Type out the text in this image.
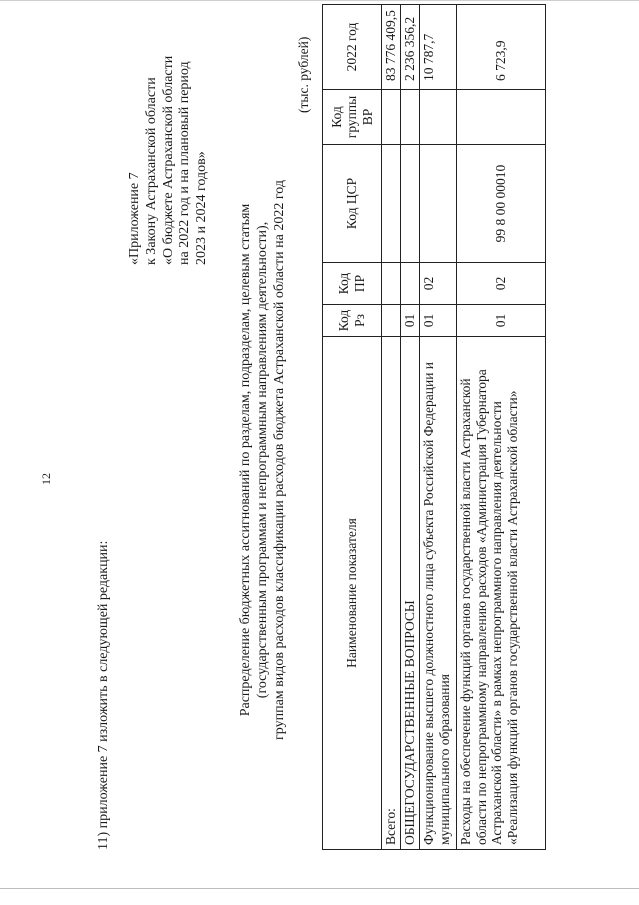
12
11) приложение 7 изложить в следующей редакции:
«Приложение 7 к Закону Астраханской области «О бюджете Астраханской области на 2022 год и на плановый период 2023 и 2024 годов» Распределение бюджетных ассигнований по разделам, подразделам, целевым статьям (государственным программам и непрограммным направлениям деятельности), группам видов расходов классификации расходов бюджета Астраханской области на 2022 год
(тыс. рублей)
Наименование показателя	Код Рз	Код ПР	Код ЦСР	Код группы ВР	2022 год
Всего:					83 776 409,5
ОБЩЕГОСУДАРСТВЕННЫЕ ВОПРОСЫ	01				2 236 356,2
Функционирование высшего должностного лица субъекта Российской Федерации и муниципального образования	01	02			10 787,7
Расходы на обеспечение функций органов государственной власти Астраханской области по непрограммному направлению расходов «Администрация Губернатора Астраханской области» в рамках непрограммного направления деятельности «Реализация функций органов государственной власти Астраханской области»	01	02	99 8 00 00010		6 723,9
